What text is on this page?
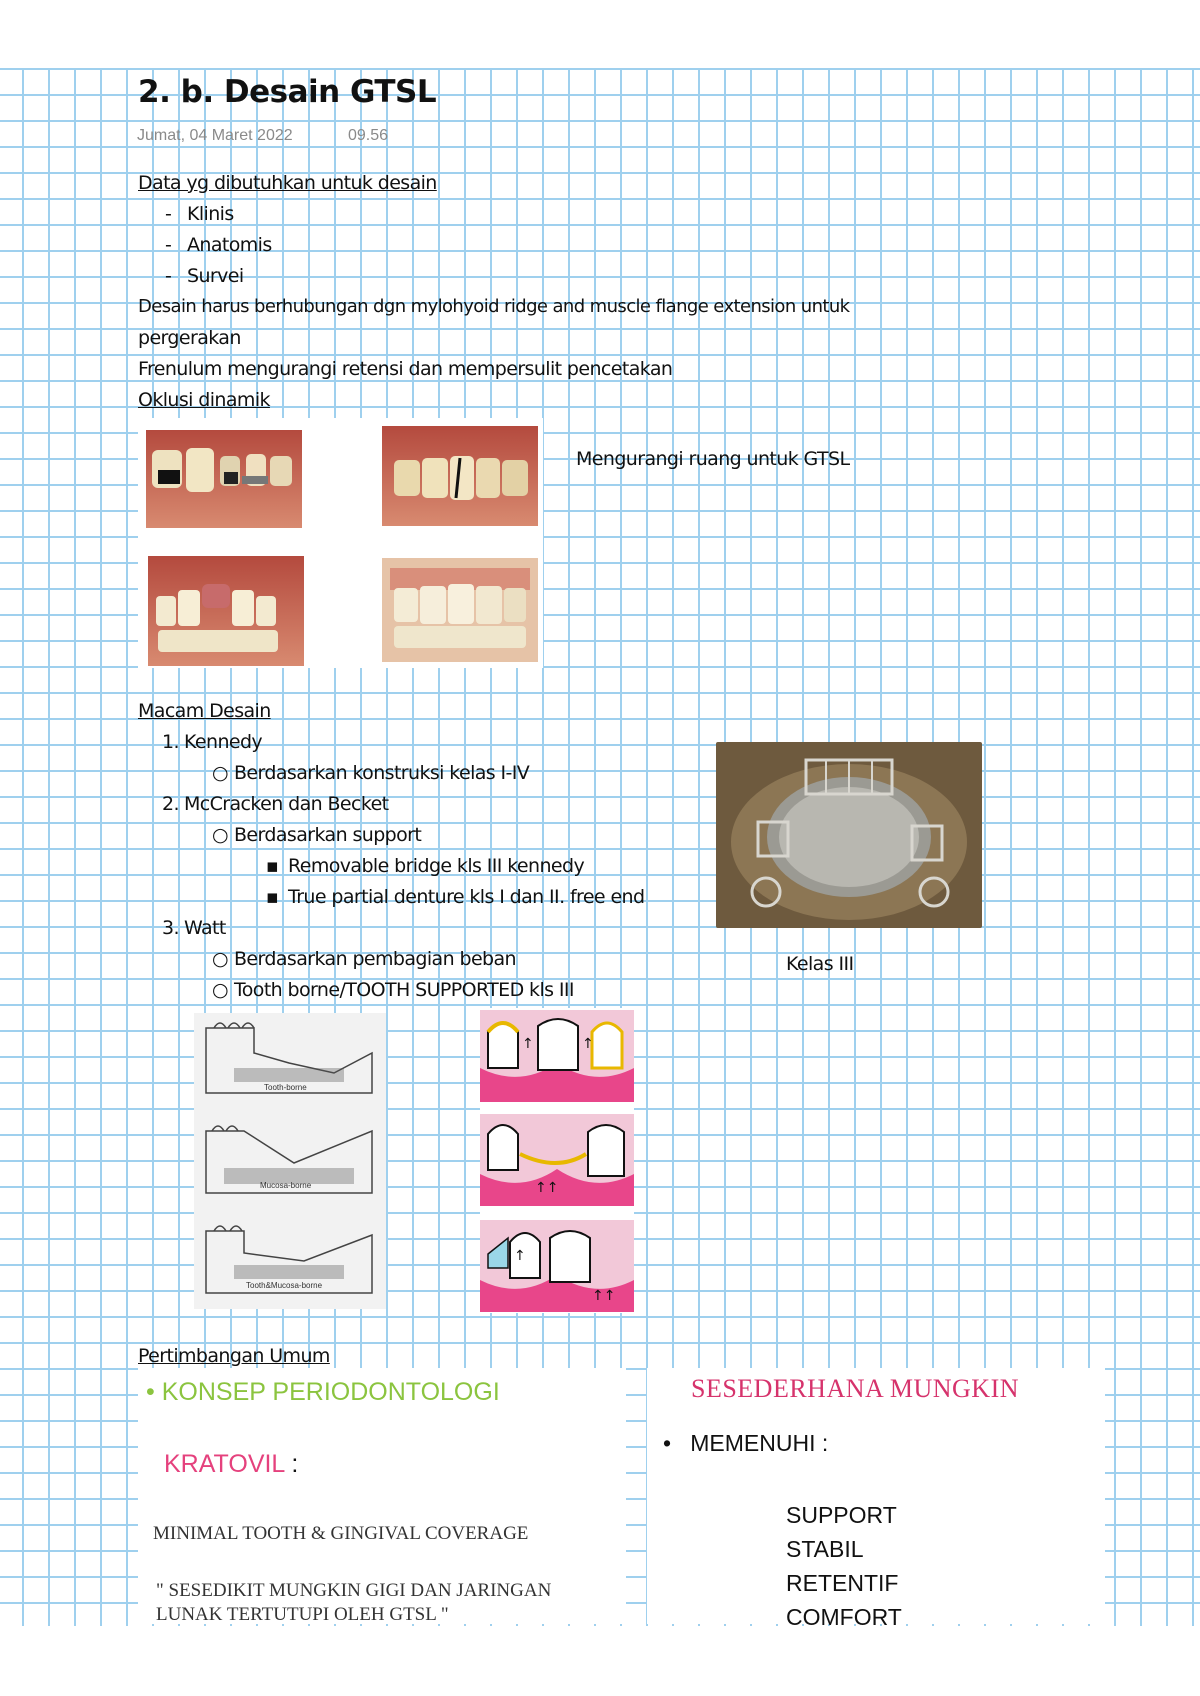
2. b. Desain GTSL
Jumat, 04 Maret 2022	09.56
Data yg dibutuhkan untuk desain
- Klinis
- Anatomis
- Survei
Desain harus berhubungan dgn mylohyoid ridge and muscle flange extension untuk
pergerakan
Frenulum mengurangi retensi dan mempersulit pencetakan
Oklusi dinamik
Mengurangi ruang untuk GTSL
Macam Desain
1. Kennedy
○ Berdasarkan konstruksi kelas I-IV
2. McCracken dan Becket
○ Berdasarkan support
▪ Removable bridge kls III kennedy
▪ True partial denture kls I dan II. free end
3. Watt
○ Berdasarkan pembagian beban
○ Tooth borne/TOOTH SUPPORTED kls III
Kelas III
Tooth-borne
Mucosa-borne
Tooth&Mucosa-borne
↑	↑
↑↑
↑
↑↑
Pertimbangan Umum
• KONSEP PERIODONTOLOGI
KRATOVIL :
MINIMAL TOOTH & GINGIVAL COVERAGE
" SESEDIKIT MUNGKIN GIGI DAN JARINGAN
LUNAK TERTUTUPI OLEH GTSL "
SESEDERHANA MUNGKIN
• MEMENUHI :
SUPPORT
STABIL
RETENTIF
COMFORT
